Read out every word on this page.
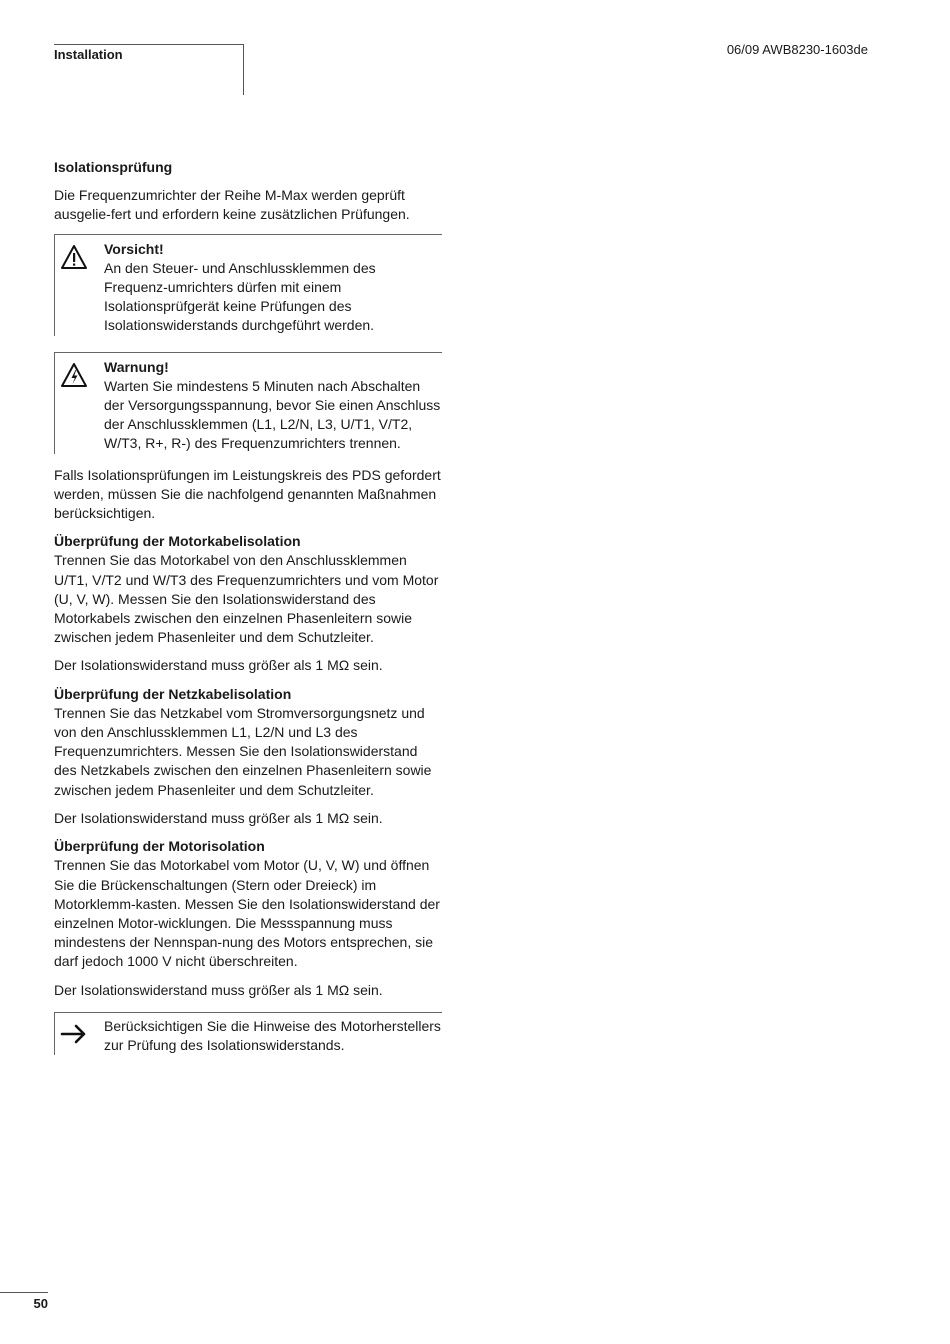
Installation	06/09 AWB8230-1603de
Isolationsprüfung

Die Frequenzumrichter der Reihe M-Max werden geprüft ausgelie-fert und erfordern keine zusätzlichen Prüfungen.

Vorsicht!
An den Steuer- und Anschlussklemmen des Frequenz-umrichters dürfen mit einem Isolationsprüfgerät keine Prüfungen des Isolationswiderstands durchgeführt werden.
Warnung!
Warten Sie mindestens 5 Minuten nach Abschalten der Versorgungsspannung, bevor Sie einen Anschluss der Anschlussklemmen (L1, L2/N, L3, U/T1, V/T2, W/T3, R+, R-) des Frequenzumrichters trennen.

Falls Isolationsprüfungen im Leistungskreis des PDS gefordert werden, müssen Sie die nachfolgend genannten Maßnahmen berücksichtigen.

Überprüfung der Motorkabelisolation
Trennen Sie das Motorkabel von den Anschlussklemmen U/T1, V/T2 und W/T3 des Frequenzumrichters und vom Motor (U, V, W). Messen Sie den Isolationswiderstand des Motorkabels zwischen den einzelnen Phasenleitern sowie zwischen jedem Phasenleiter und dem Schutzleiter.

Der Isolationswiderstand muss größer als 1 MΩ sein.

Überprüfung der Netzkabelisolation
Trennen Sie das Netzkabel vom Stromversorgungsnetz und von den Anschlussklemmen L1, L2/N und L3 des Frequenzumrichters. Messen Sie den Isolationswiderstand des Netzkabels zwischen den einzelnen Phasenleitern sowie zwischen jedem Phasenleiter und dem Schutzleiter.

Der Isolationswiderstand muss größer als 1 MΩ sein.

Überprüfung der Motorisolation
Trennen Sie das Motorkabel vom Motor (U, V, W) und öffnen Sie die Brückenschaltungen (Stern oder Dreieck) im Motorklemm-kasten. Messen Sie den Isolationswiderstand der einzelnen Motor-wicklungen. Die Messspannung muss mindestens der Nennspan-nung des Motors entsprechen, sie darf jedoch 1000 V nicht überschreiten.

Der Isolationswiderstand muss größer als 1 MΩ sein.

Berücksichtigen Sie die Hinweise des Motorherstellers zur Prüfung des Isolationswiderstands.
50
